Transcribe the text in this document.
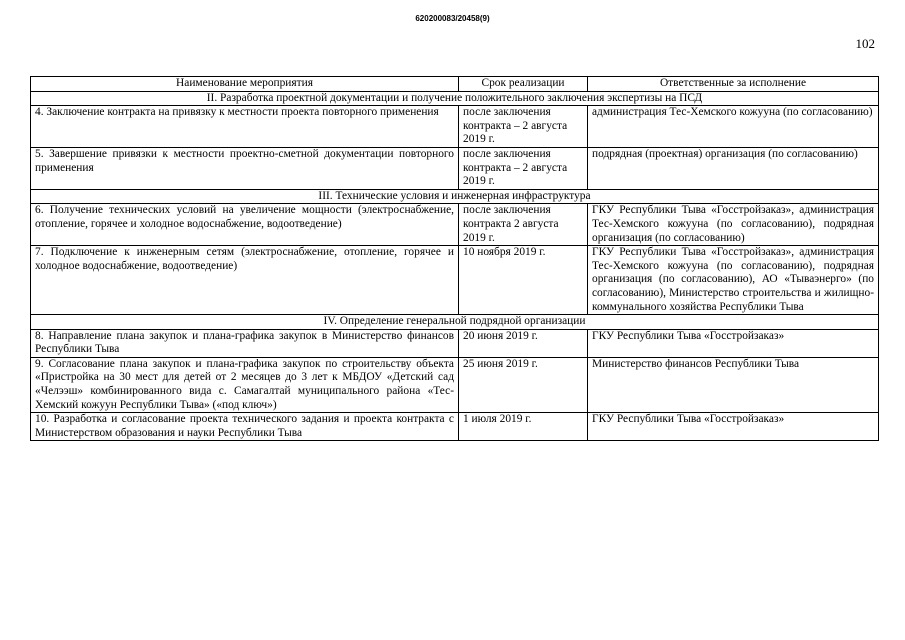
620200083/20458(9)
102
Наименование мероприятия	Срок реализации	Ответственные за исполнение
II. Разработка проектной документации и получение положительного заключения экспертизы на ПСД		
4. Заключение контракта на привязку к местности проекта повторного применения	после заключения контракта – 2 августа 2019 г.	администрация Тес-Хемского кожууна (по согласованию)
5. Завершение привязки к местности проектно-сметной документации повторного применения	после заключения контракта – 2 августа 2019 г.	подрядная (проектная) организация (по согласованию)
III. Технические условия и инженерная инфраструктура		
6. Получение технических условий на увеличение мощности (электроснабжение, отопление, горячее и холодное водоснабжение, водоотведение)	после заключения контракта 2 августа 2019 г.	ГКУ Республики Тыва «Госстройзаказ», администрация Тес-Хемского кожууна (по согласованию), подрядная организация (по согласованию)
7. Подключение к инженерным сетям (электроснабжение, отопление, горячее и холодное водоснабжение, водоотведение)	10 ноября 2019 г.	ГКУ Республики Тыва «Госстройзаказ», администрация Тес-Хемского кожууна (по согласованию), подрядная организация (по согласованию), АО «Тываэнерго» (по согласованию), Министерство строительства и жилищно-коммунального хозяйства Республики Тыва
IV. Определение генеральной подрядной организации		
8. Направление плана закупок и плана-графика закупок в Министерство финансов Республики Тыва	20 июня 2019 г.	ГКУ Республики Тыва «Госстройзаказ»
9. Согласование плана закупок и плана-графика закупок по строительству объекта «Пристройка на 30 мест для детей от 2 месяцев до 3 лет к МБДОУ «Детский сад «Челээш» комбинированного вида с. Самагалтай муниципального района «Тес-Хемский кожуун Республики Тыва» («под ключ»)	25 июня 2019 г.	Министерство финансов Республики Тыва
10. Разработка и согласование проекта технического задания и проекта контракта с Министерством образования и науки Республики Тыва	1 июля 2019 г.	ГКУ Республики Тыва «Госстройзаказ»
